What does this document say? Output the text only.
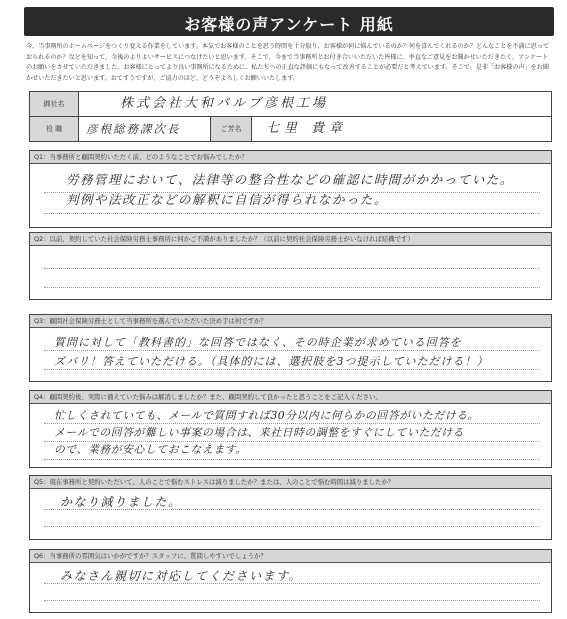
お客様の声アンケート 用紙
今、当事務所のホームページをつくり変える作業をしています。本気でお客様のことを思う時間を十分取り、お客様が何に悩んでいるのか？何を喜んでくれるのか？どんなことを不満に思っておられるのか？などを知って、今後のよりよいサービスにつなげたいと思います。そこで、今まで当事務所とお付き合いいただいた皆様に、率直なご意見をお聞かせいただきたく、アンケートのお願いをさせていただきました。お客様にとってより良い事務所になるために、私たちへの正直な評価にもなって改善することが必要だと考えています。そこで、是非「お客様の声」をお聞かせいただきたいと思います。おてすうですが、ご協力のほど、どうぞよろしくお願いいたします。
御社名	株式会社大和バルブ彦根工場
役 職	彦根総務課次長	ご芳名	七里 貴章
Q1：当事務所と顧問契約いただく前、どのようなことでお悩みでしたか？
労務管理において、法律等の整合性などの確認に時間がかかっていた。
判例や法改正などの解釈に自信が得られなかった。
Q2：以前、契約していた社会保険労務士事務所に何かご不満がありましたか？（以前に契約社会保険労務士がいなければ結構です）
Q3：顧問社会保険労務士として当事務所を選んでいただいた決め手は何ですか？
質問に対して「教科書的」な回答ではなく、その時企業が求めている回答を
ズバリ！答えていただける。（具体的には、選択肢を3つ提示していただける！）
Q4：顧問契約後、実際に備えていた悩みは解消しましたか？また、顧問契約して良かったと思うことをご記入ください。
忙しくされていても、メールで質問すれば30分以内に何らかの回答がいただける。
メールでの回答が難しい事案の場合は、来社日時の調整をすぐにしていただける
ので、業務が安心しておこなえます。
Q5：現在事務所と契約いただいて、人のことで悩むストレスは減りましたか？または、人のことで悩む時間は減りましたか？
かなり減りました。
Q6：当事務所の雰囲気はいかがですか？スタッフに、質問しやすいでしょうか？
みなさん親切に対応してくださいます。
